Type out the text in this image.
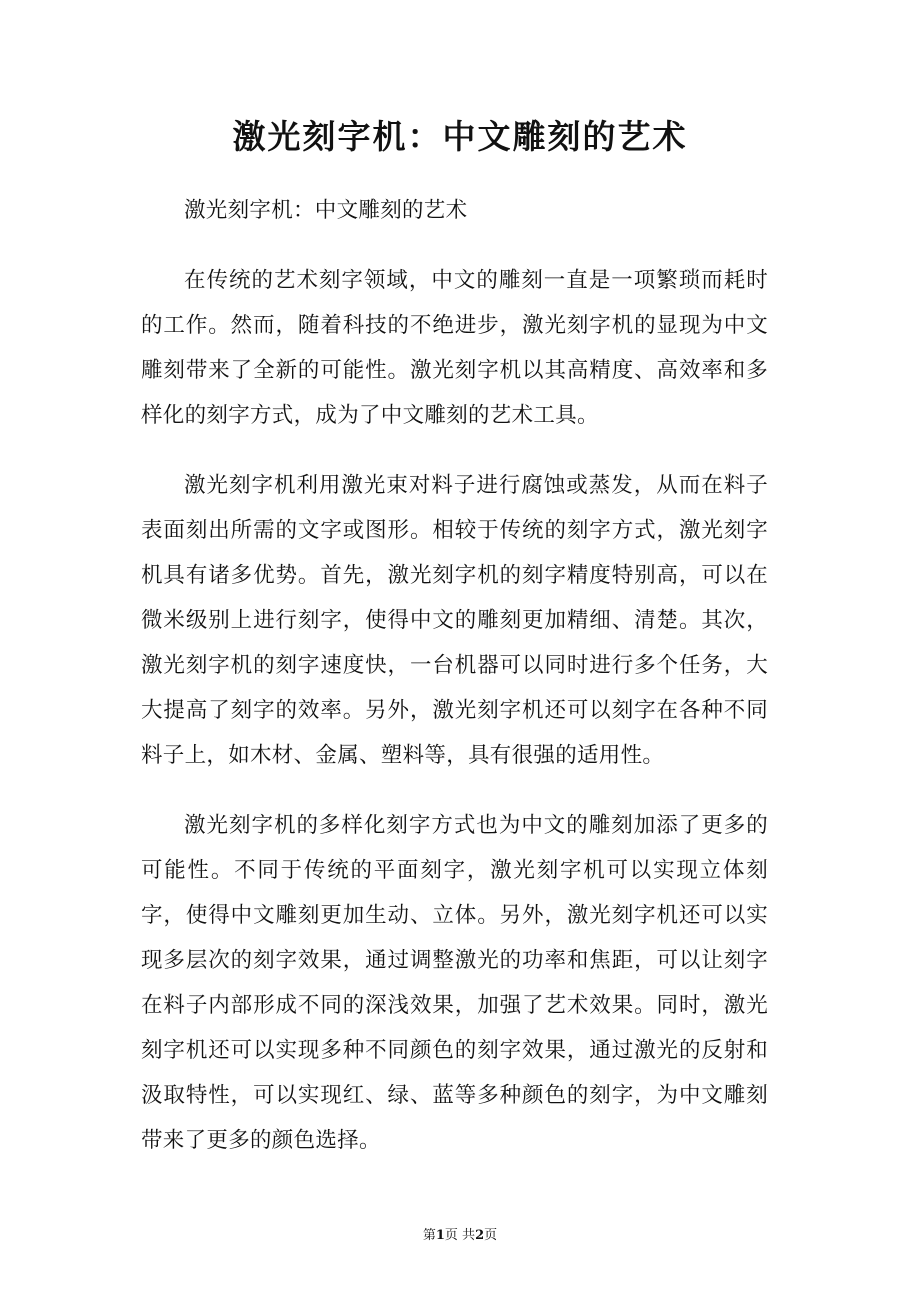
激光刻字机：中文雕刻的艺术

激光刻字机：中文雕刻的艺术

在传统的艺术刻字领域，中文的雕刻一直是一项繁琐而耗时的工作。然而，随着科技的不绝进步，激光刻字机的显现为中文雕刻带来了全新的可能性。激光刻字机以其高精度、高效率和多样化的刻字方式，成为了中文雕刻的艺术工具。

激光刻字机利用激光束对料子进行腐蚀或蒸发，从而在料子表面刻出所需的文字或图形。相较于传统的刻字方式，激光刻字机具有诸多优势。首先，激光刻字机的刻字精度特别高，可以在微米级别上进行刻字，使得中文的雕刻更加精细、清楚。其次，激光刻字机的刻字速度快，一台机器可以同时进行多个任务，大大提高了刻字的效率。另外，激光刻字机还可以刻字在各种不同料子上，如木材、金属、塑料等，具有很强的适用性。

激光刻字机的多样化刻字方式也为中文的雕刻加添了更多的可能性。不同于传统的平面刻字，激光刻字机可以实现立体刻字，使得中文雕刻更加生动、立体。另外，激光刻字机还可以实现多层次的刻字效果，通过调整激光的功率和焦距，可以让刻字在料子内部形成不同的深浅效果，加强了艺术效果。同时，激光刻字机还可以实现多种不同颜色的刻字效果，通过激光的反射和汲取特性，可以实现红、绿、蓝等多种颜色的刻字，为中文雕刻带来了更多的颜色选择。

第1页 共2页
